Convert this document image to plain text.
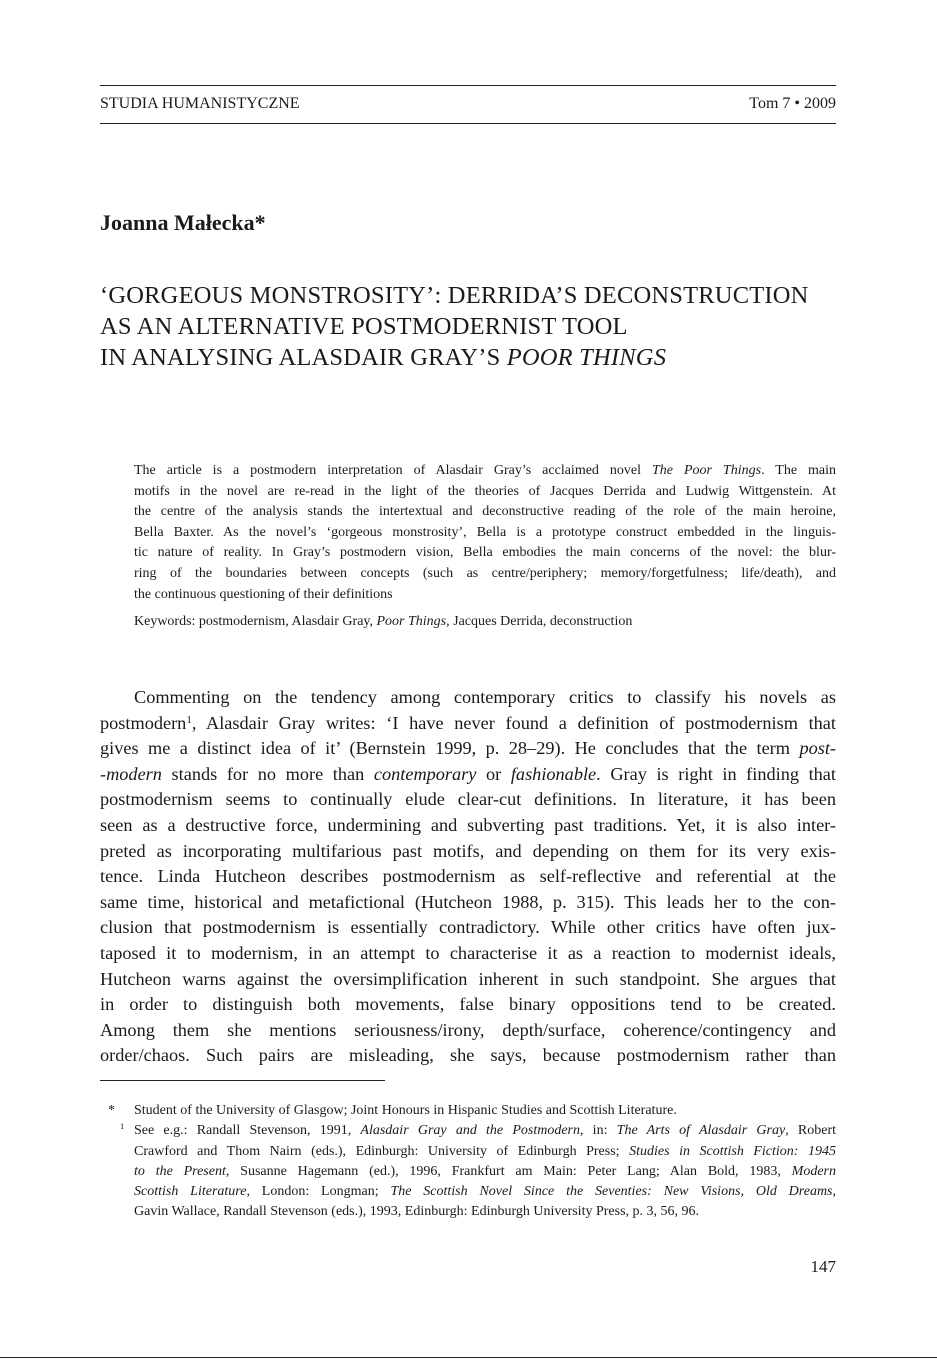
STUDIA HUMANISTYCZNE	Tom 7 • 2009
Joanna Małecka*
‘GORGEOUS MONSTROSITY’: DERRIDA’S DECONSTRUCTION
AS AN ALTERNATIVE POSTMODERNIST TOOL
IN ANALYSING ALASDAIR GRAY’S POOR THINGS
The article is a postmodern interpretation of Alasdair Gray’s acclaimed novel The Poor Things. The main
motifs in the novel are re-read in the light of the theories of Jacques Derrida and Ludwig Wittgenstein. At
the centre of the analysis stands the intertextual and deconstructive reading of the role of the main heroine,
Bella Baxter. As the novel’s ‘gorgeous monstrosity’, Bella is a prototype construct embedded in the linguis-
tic nature of reality. In Gray’s postmodern vision, Bella embodies the main concerns of the novel: the blur-
ring of the boundaries between concepts (such as centre/periphery; memory/forgetfulness; life/death), and
the continuous questioning of their definitions
Keywords: postmodernism, Alasdair Gray, Poor Things, Jacques Derrida, deconstruction
Commenting on the tendency among contemporary critics to classify his novels as
postmodern$^1$, Alasdair Gray writes: ‘I have never found a definition of postmodernism that
gives me a distinct idea of it’ (Bernstein 1999, p. 28–29). He concludes that the term post-
-modern stands for no more than contemporary or fashionable. Gray is right in finding that
postmodernism seems to continually elude clear-cut definitions. In literature, it has been
seen as a destructive force, undermining and subverting past traditions. Yet, it is also inter-
preted as incorporating multifarious past motifs, and depending on them for its very exis-
tence. Linda Hutcheon describes postmodernism as self-reflective and referential at the
same time, historical and metafictional (Hutcheon 1988, p. 315). This leads her to the con-
clusion that postmodernism is essentially contradictory. While other critics have often jux-
taposed it to modernism, in an attempt to characterise it as a reaction to modernist ideals,
Hutcheon warns against the oversimplification inherent in such standpoint. She argues that
in order to distinguish both movements, false binary oppositions tend to be created.
Among them she mentions seriousness/irony, depth/surface, coherence/contingency and
order/chaos. Such pairs are misleading, she says, because postmodernism rather than
* Student of the University of Glasgow; Joint Honours in Hispanic Studies and Scottish Literature.
$^1$ See e.g.: Randall Stevenson, 1991, Alasdair Gray and the Postmodern, in: The Arts of Alasdair Gray, Robert
Crawford and Thom Nairn (eds.), Edinburgh: University of Edinburgh Press; Studies in Scottish Fiction: 1945
to the Present, Susanne Hagemann (ed.), 1996, Frankfurt am Main: Peter Lang; Alan Bold, 1983, Modern
Scottish Literature, London: Longman; The Scottish Novel Since the Seventies: New Visions, Old Dreams,
Gavin Wallace, Randall Stevenson (eds.), 1993, Edinburgh: Edinburgh University Press, p. 3, 56, 96.
147
